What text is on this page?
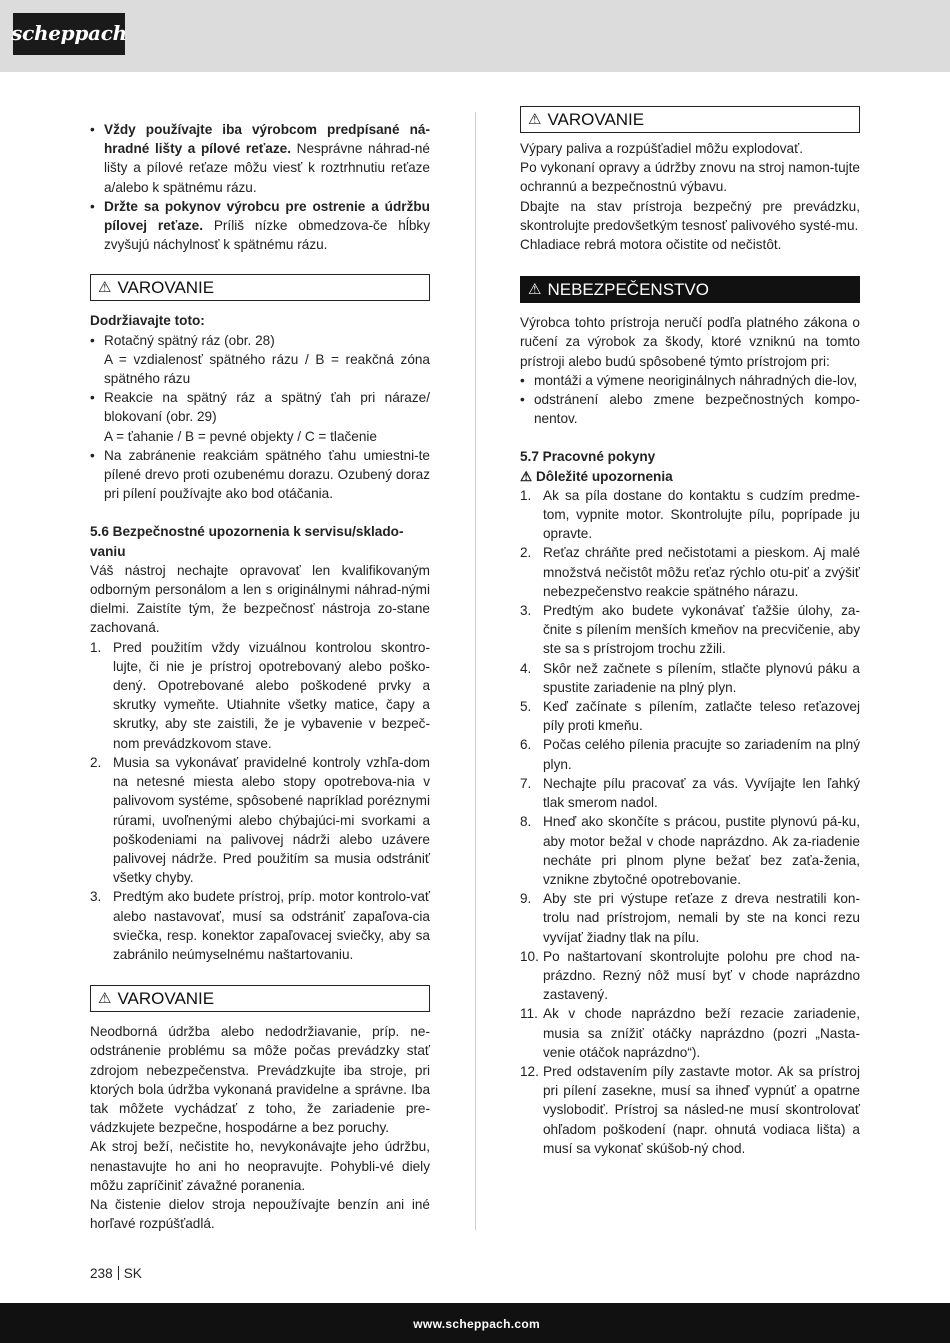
scheppach
• Vždy používajte iba výrobcom predpísané ná-hradné lišty a pílové reťaze. Nesprávne náhrad-né lišty a pílové reťaze môžu viesť k roztrhnutiu reťaze a/alebo k spätnému rázu.
• Držte sa pokynov výrobcu pre ostrenie a údržbu pílovej reťaze. Príliš nízke obmedzova-če hĺbky zvyšujú náchylnosť k spätnému rázu.
⚠ VAROVANIE
Dodržiavajte toto:
• Rotačný spätný ráz (obr. 28)
A = vzdialenosť spätného rázu / B = reakčná zóna spätného rázu
• Reakcie na spätný ráz a spätný ťah pri náraze/ blokovaní (obr. 29)
A = ťahanie / B = pevné objekty / C = tlačenie
• Na zabránenie reakciám spätného ťahu umiestni-te pílené drevo proti ozubenému dorazu. Ozubený doraz pri pílení používajte ako bod otáčania.
5.6 Bezpečnostné upozornenia k servisu/sklado-vaniu

Váš nástroj nechajte opravovať len kvalifikovaným odborným personálom a len s originálnymi náhrad-nými dielmi. Zaistíte tým, že bezpečnosť nástroja zo-stane zachovaná.

1. Pred použitím vždy vizuálnou kontrolou skontro-lujte, či nie je prístroj opotrebovaný alebo poško-dený. Opotrebované alebo poškodené prvky a skrutky vymeňte. Utiahnite všetky matice, čapy a skrutky, aby ste zaistili, že je vybavenie v bezpeč-nom prevádzkovom stave.
2. Musia sa vykonávať pravidelné kontroly vzhľa-dom na netesné miesta alebo stopy opotrebova-nia v palivovom systéme, spôsobené napríklad poréznymi rúrami, uvoľnenými alebo chýbajúci-mi svorkami a poškodeniami na palivovej nádrži alebo uzávere palivovej nádrže. Pred použitím sa musia odstrániť všetky chyby.
3. Predtým ako budete prístroj, príp. motor kontrolo-vať alebo nastavovať, musí sa odstrániť zapaľova-cia sviečka, resp. konektor zapaľovacej sviečky, aby sa zabránilo neúmyselnému naštartovaniu.
⚠ VAROVANIE

Neodborná údržba alebo nedodržiavanie, príp. ne-odstránenie problému sa môže počas prevádzky stať zdrojom nebezpečenstva. Prevádzkujte iba stroje, pri ktorých bola údržba vykonaná pravidelne a správne. Iba tak môžete vychádzať z toho, že zariadenie pre-vádzkujete bezpečne, hospodárne a bez poruchy.

Ak stroj beží, nečistite ho, nevykonávajte jeho údržbu, nenastavujte ho ani ho neopravujte. Pohybli-vé diely môžu zapríčiniť závažné poranenia.

Na čistenie dielov stroja nepoužívajte benzín ani iné horľavé rozpúšťadlá.

⚠ VAROVANIE

Výpary paliva a rozpúšťadiel môžu explodovať.

Po vykonaní opravy a údržby znovu na stroj namon-tujte ochrannú a bezpečnostnú výbavu.

Dbajte na stav prístroja bezpečný pre prevádzku, skontrolujte predovšetkým tesnosť palivového systé-mu.

Chladiace rebrá motora očistite od nečistôt.

⚠ NEBEZPEČENSTVO

Výrobca tohto prístroja neručí podľa platného zákona o ručení za výrobok za škody, ktoré vzniknú na tomto prístroji alebo budú spôsobené týmto prístrojom pri:

• montáži a výmene neoriginálnych náhradných die-lov,
• odstránení alebo zmene bezpečnostných kompo-nentov.
5.7 Pracovné pokyny
⚠ Dôležité upozornenia
1. Ak sa píla dostane do kontaktu s cudzím predme-tom, vypnite motor. Skontrolujte pílu, poprípade ju opravte.
2. Reťaz chráňte pred nečistotami a pieskom. Aj malé množstvá nečistôt môžu reťaz rýchlo otu-piť a zvýšiť nebezpečenstvo reakcie spätného nárazu.
3. Predtým ako budete vykonávať ťažšie úlohy, za-čnite s pílením menších kmeňov na precvičenie, aby ste sa s prístrojom trochu zžili.
4. Skôr než začnete s pílením, stlačte plynovú páku a spustite zariadenie na plný plyn.
5. Keď začínate s pílením, zatlačte teleso reťazovej píly proti kmeňu.
6. Počas celého pílenia pracujte so zariadením na plný plyn.
7. Nechajte pílu pracovať za vás. Vyvíjajte len ľahký tlak smerom nadol.
8. Hneď ako skončíte s prácou, pustite plynovú pá-ku, aby motor bežal v chode naprázdno. Ak za-riadenie necháte pri plnom plyne bežať bez zaťa-ženia, vznikne zbytočné opotrebovanie.
9. Aby ste pri výstupe reťaze z dreva nestratili kon-trolu nad prístrojom, nemali by ste na konci rezu vyvíjať žiadny tlak na pílu.
10. Po naštartovaní skontrolujte polohu pre chod na-prázdno. Rezný nôž musí byť v chode naprázdno zastavený.
11. Ak v chode naprázdno beží rezacie zariadenie, musia sa znížiť otáčky naprázdno (pozri „Nasta-venie otáčok naprázdno“).
12. Pred odstavením píly zastavte motor. Ak sa prístroj pri pílení zasekne, musí sa ihneď vypnúť a opatrne vyslobodiť. Prístroj sa násled-ne musí skontrolovať ohľadom poškodení (napr. ohnutá vodiaca lišta) a musí sa vykonať skúšob-ný chod.
238 SK
www.scheppach.com
